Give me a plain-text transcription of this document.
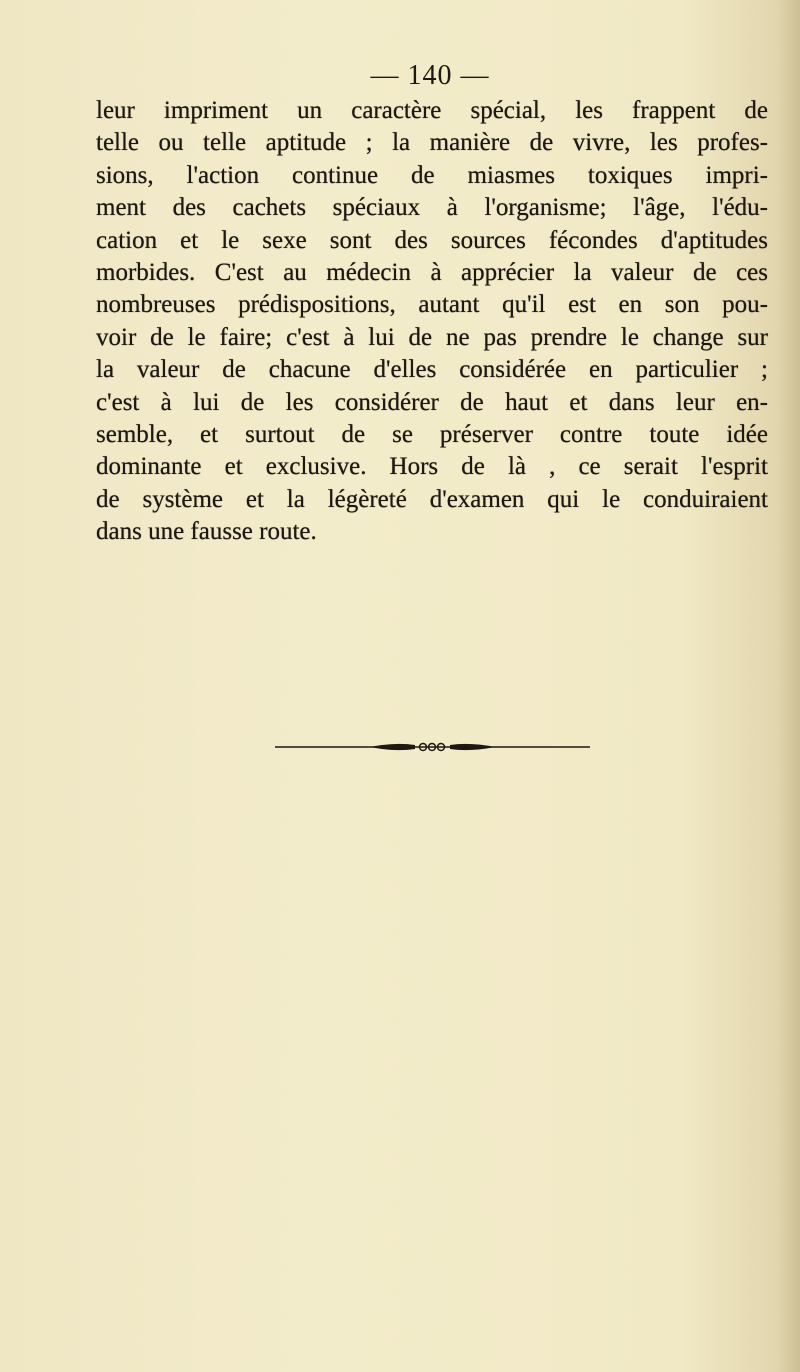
— 140 —
leur impriment un caractère spécial, les frappent de
telle ou telle aptitude ; la manière de vivre, les profes-
sions, l'action continue de miasmes toxiques impri-
ment des cachets spéciaux à l'organisme; l'âge, l'édu-
cation et le sexe sont des sources fécondes d'aptitudes
morbides. C'est au médecin à apprécier la valeur de ces
nombreuses prédispositions, autant qu'il est en son pou-
voir de le faire; c'est à lui de ne pas prendre le change sur
la valeur de chacune d'elles considérée en particulier ;
c'est à lui de les considérer de haut et dans leur en-
semble, et surtout de se préserver contre toute idée
dominante et exclusive. Hors de là , ce serait l'esprit
de système et la légèreté d'examen qui le conduiraient
dans une fausse route.
